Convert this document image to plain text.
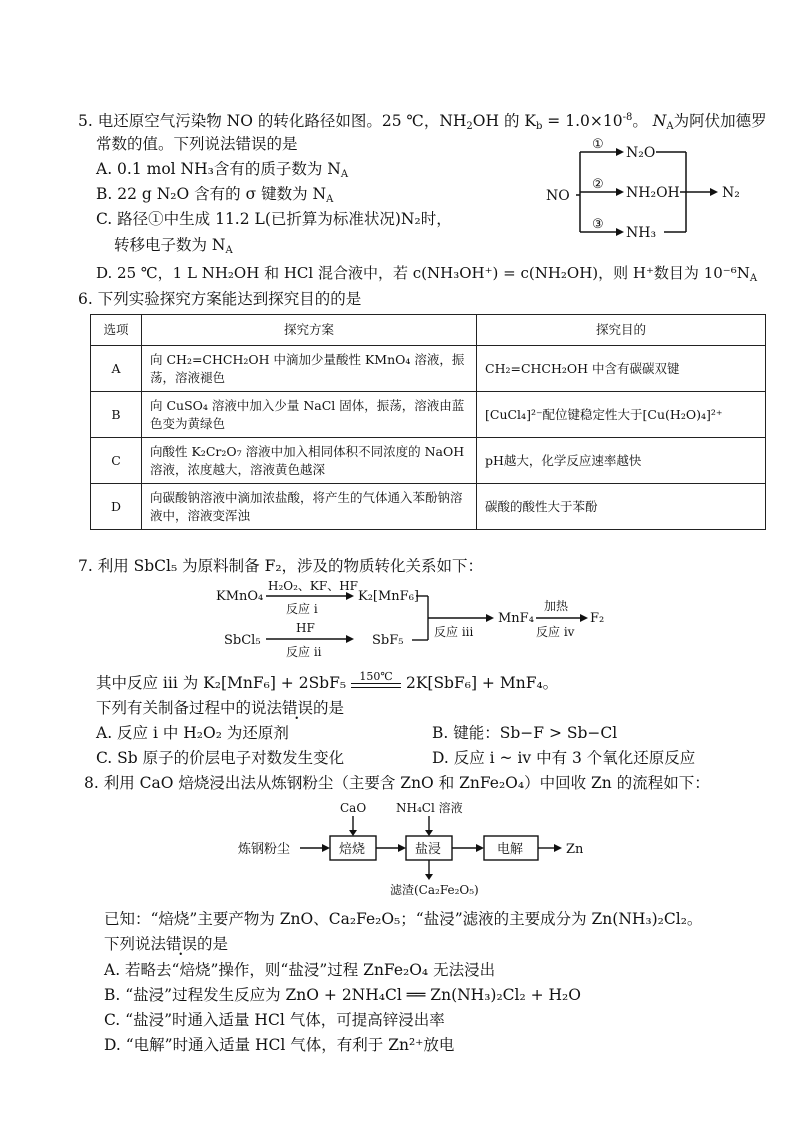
5. 电还原空气污染物 NO 的转化路径如图。25 ℃，$NH_2OH$ 的 $K_b = 1.0\times 10^{-8}$。 $N_A$为阿伏加德罗
常数的值。下列说法错误的是
A. 0.1 mol NH₃含有的质子数为 $N_A$
B. 22 g N₂O 含有的 σ 键数为 $N_A$
C. 路径①中生成 11.2 L(已折算为标准状况)N₂时，
转移电子数为 $N_A$
D. 25 ℃，1 L NH₂OH 和 HCl 混合液中，若 c(NH₃OH⁺) = c(NH₂OH)，则 H⁺数目为 $10^{-6}N_A$
NO
①
②
③
N₂O
NH₂OH
NH₃
N₂
6. 下列实验探究方案能达到探究目的的是
选项	探究方案	探究目的
A	向 CH₂=CHCH₂OH 中滴加少量酸性 KMnO₄ 溶液，振荡，溶液褪色	CH₂=CHCH₂OH 中含有碳碳双键
B	向 CuSO₄ 溶液中加入少量 NaCl 固体，振荡，溶液由蓝色变为黄绿色	[CuCl₄]²⁻配位键稳定性大于[Cu(H₂O)₄]²⁺
C	向酸性 K₂Cr₂O₇ 溶液中加入相同体积不同浓度的 NaOH 溶液，浓度越大，溶液黄色越深	pH越大，化学反应速率越快
D	向碳酸钠溶液中滴加浓盐酸，将产生的气体通入苯酚钠溶液中，溶液变浑浊	碳酸的酸性大于苯酚
7. 利用 SbCl₅ 为原料制备 F₂，涉及的物质转化关系如下：
KMnO₄
H₂O₂、KF、HF
反应 i
K₂[MnF₆]
SbCl₅
HF
反应 ii
SbF₅
反应 iii
MnF₄
加热
反应 iv
F₂
其中反应 iii 为 K₂[MnF₆] + 2SbF₅	150℃ 2K[SbF₆] + MnF₄。
下列有关制备过程中的说法错误的是
A. 反应 i 中 H₂O₂ 为还原剂	B. 键能：Sb−F > Sb−Cl
C. Sb 原子的价层电子对数发生变化	D. 反应 i ~ iv 中有 3 个氧化还原反应
8. 利用 CaO 焙烧浸出法从炼钢粉尘（主要含 ZnO 和 ZnFe₂O₄）中回收 Zn 的流程如下：
炼钢粉尘	焙烧
CaO
盐浸
NH₄Cl 溶液
滤渣(Ca₂Fe₂O₅)
电解	Zn
已知：“焙烧”主要产物为 ZnO、Ca₂Fe₂O₅；“盐浸”滤液的主要成分为 Zn(NH₃)₂Cl₂。
下列说法错误的是
A. 若略去“焙烧”操作，则“盐浸”过程 ZnFe₂O₄ 无法浸出
B. “盐浸”过程发生反应为 ZnO + 2NH₄Cl ══ Zn(NH₃)₂Cl₂ + H₂O
C. “盐浸”时通入适量 HCl 气体，可提高锌浸出率
D. “电解”时通入适量 HCl 气体，有利于 Zn²⁺放电
